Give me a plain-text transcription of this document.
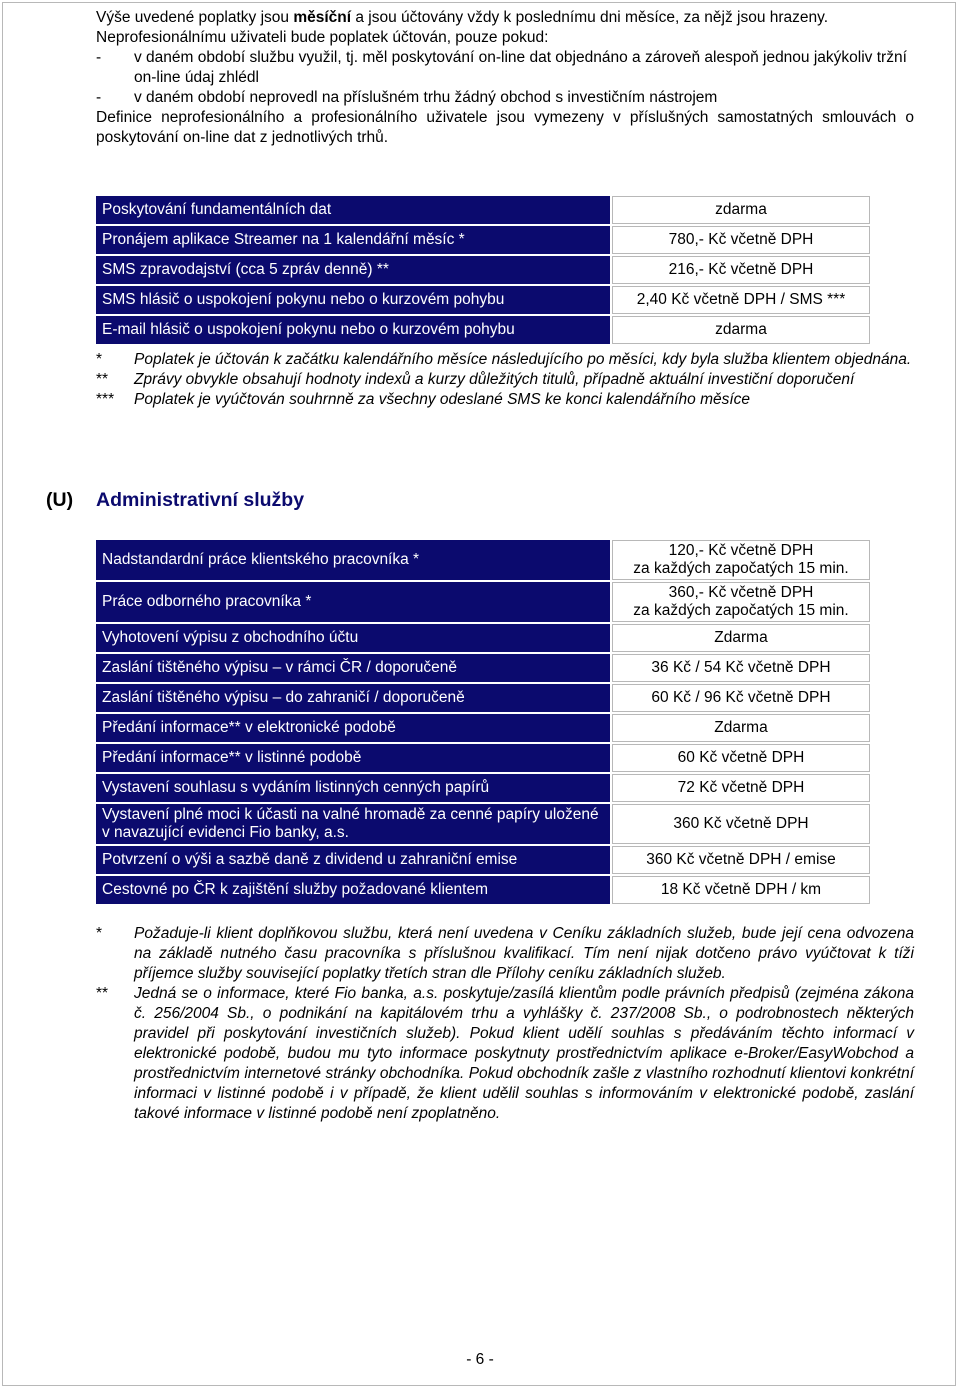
Výše uvedené poplatky jsou měsíční a jsou účtovány vždy k poslednímu dni měsíce, za nějž jsou hrazeny.

Neprofesionálnímu uživateli bude poplatek účtován, pouze pokud:

-	v daném období službu využil, tj. měl poskytování on-line dat objednáno a zároveň alespoň jednou jakýkoliv tržní on-line údaj zhlédl
-	v daném období neprovedl na příslušném trhu žádný obchod s investičním nástrojem

Definice neprofesionálního a profesionálního uživatele jsou vymezeny v příslušných samostatných smlouvách o poskytování on-line dat z jednotlivých trhů.

Poskytování fundamentálních dat	zdarma
Pronájem aplikace Streamer na 1 kalendářní měsíc *	780,- Kč včetně DPH
SMS zpravodajství (cca 5 zpráv denně) **	216,- Kč včetně DPH
SMS hlásič o uspokojení pokynu nebo o kurzovém pohybu	2,40 Kč včetně DPH / SMS ***
E-mail hlásič o uspokojení pokynu nebo o kurzovém pohybu	zdarma
*	Poplatek je účtován k začátku kalendářního měsíce následujícího po měsíci, kdy byla služba klientem objednána.
**	Zprávy obvykle obsahují hodnoty indexů a kurzy důležitých titulů, případně aktuální investiční doporučení
***	Poplatek je vyúčtován souhrnně za všechny odeslané SMS ke konci kalendářního měsíce
(U) Administrativní služby
Nadstandardní práce klientského pracovníka *	120,- Kč včetně DPH
za každých započatých 15 min.

Práce odborného pracovníka *	360,- Kč včetně DPH
za každých započatých 15 min.

Vyhotovení výpisu z obchodního účtu	Zdarma
Zaslání tištěného výpisu – v rámci ČR / doporučeně	36 Kč / 54 Kč včetně DPH
Zaslání tištěného výpisu – do zahraničí / doporučeně	60 Kč / 96 Kč včetně DPH
Předání informace** v elektronické podobě	Zdarma
Předání informace** v listinné podobě	60 Kč včetně DPH
Vystavení souhlasu s vydáním listinných cenných papírů	72 Kč včetně DPH
Vystavení plné moci k účasti na valné hromadě za cenné papíry uložené v navazující evidenci Fio banky, a.s.	360 Kč včetně DPH
Potvrzení o výši a sazbě daně z dividend u zahraniční emise	360 Kč včetně DPH / emise
Cestovné po ČR k zajištění služby požadované klientem	18 Kč včetně DPH / km
*	Požaduje-li klient doplňkovou službu, která není uvedena v Ceníku základních služeb, bude její cena odvozena na základě nutného času pracovníka s příslušnou kvalifikací. Tím není nijak dotčeno právo vyúčtovat k tíži příjemce služby související poplatky třetích stran dle Přílohy ceníku základních služeb.
**	Jedná se o informace, které Fio banka, a.s. poskytuje/zasílá klientům podle právních předpisů (zejména zákona č. 256/2004 Sb., o podnikání na kapitálovém trhu a vyhlášky č. 237/2008 Sb., o podrobnostech některých pravidel při poskytování investičních služeb). Pokud klient udělí souhlas s předáváním těchto informací v elektronické podobě, budou mu tyto informace poskytnuty prostřednictvím aplikace e-Broker/EasyWobchod a prostřednictvím internetové stránky obchodníka. Pokud obchodník zašle z vlastního rozhodnutí klientovi konkrétní informaci v listinné podobě i v případě, že klient udělil souhlas s informováním v elektronické podobě, zaslání takové informace v listinné podobě není zpoplatněno.
- 6 -
